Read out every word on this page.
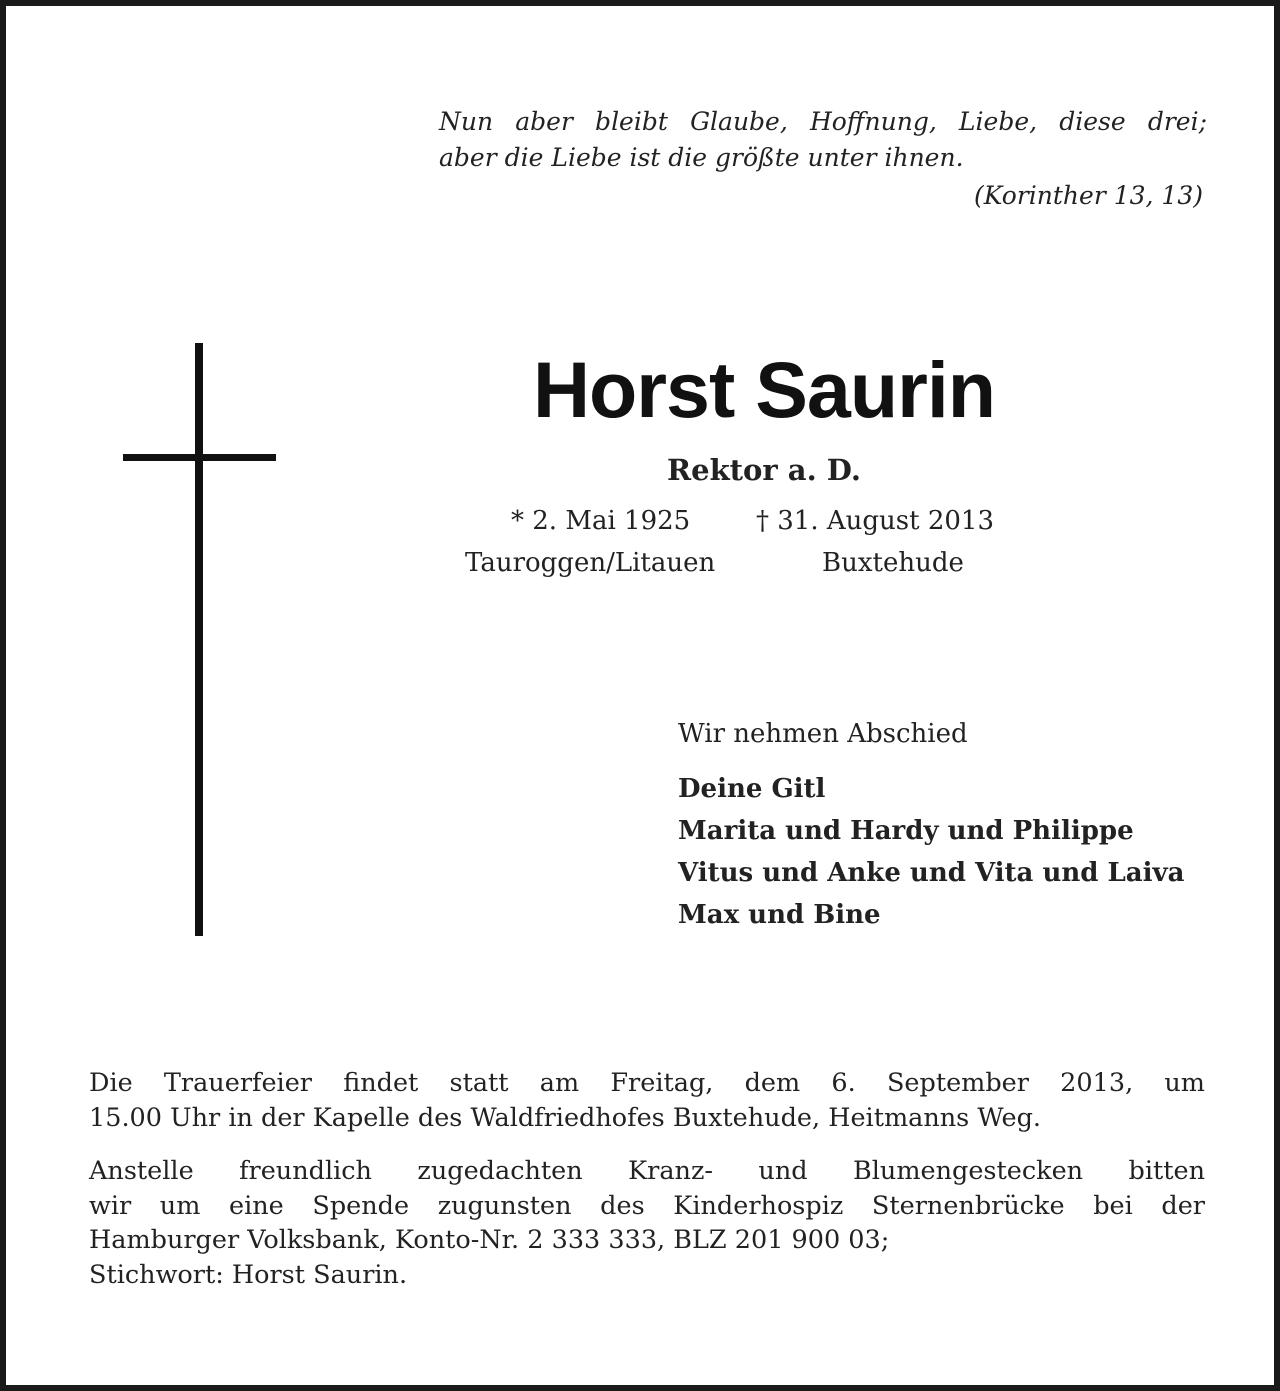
Nun aber bleibt Glaube, Hoffnung, Liebe, diese drei;
aber die Liebe ist die größte unter ihnen.
(Korinther 13, 13)
Horst Saurin
Rektor a. D.
* 2. Mai 1925	† 31. August 2013
Tauroggen/Litauen	Buxtehude
Wir nehmen Abschied
Deine Gitl
Marita und Hardy und Philippe
Vitus und Anke und Vita und Laiva
Max und Bine

Die Trauerfeier findet statt am Freitag, dem 6. September 2013, um
15.00 Uhr in der Kapelle des Waldfriedhofes Buxtehude, Heitmanns Weg.

Anstelle freundlich zugedachten Kranz- und Blumengestecken bitten
wir um eine Spende zugunsten des Kinderhospiz Sternenbrücke bei der
Hamburger Volksbank, Konto-Nr. 2 333 333, BLZ 201 900 03;
Stichwort: Horst Saurin.
